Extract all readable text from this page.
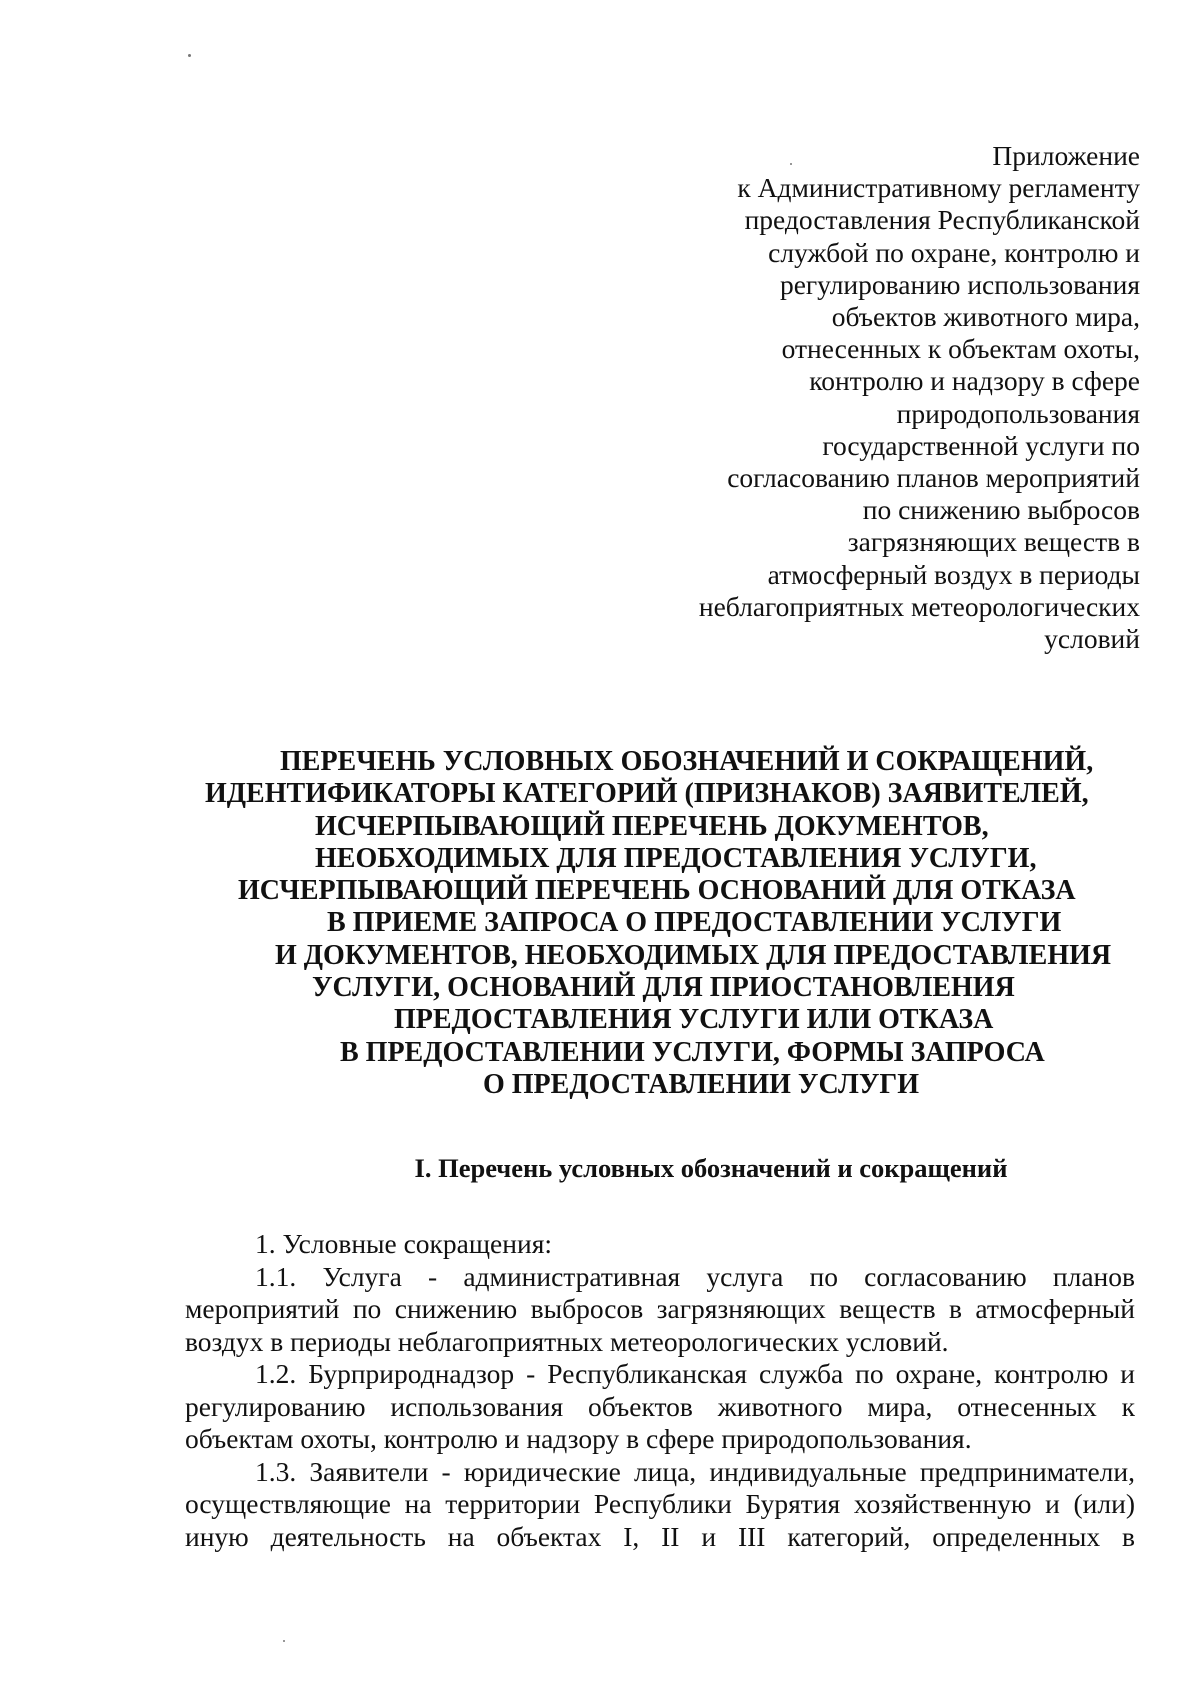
Приложение
к Административному регламенту
предоставления Республиканской
службой по охране, контролю и
регулированию использования
объектов животного мира,
отнесенных к объектам охоты,
контролю и надзору в сфере
природопользования
государственной услуги по
согласованию планов мероприятий
по снижению выбросов
загрязняющих веществ в
атмосферный воздух в периоды
неблагоприятных метеорологических
условий
ПЕРЕЧЕНЬ УСЛОВНЫХ ОБОЗНАЧЕНИЙ И СОКРАЩЕНИЙ,
ИДЕНТИФИКАТОРЫ КАТЕГОРИЙ (ПРИЗНАКОВ) ЗАЯВИТЕЛЕЙ,
ИСЧЕРПЫВАЮЩИЙ ПЕРЕЧЕНЬ ДОКУМЕНТОВ,
НЕОБХОДИМЫХ ДЛЯ ПРЕДОСТАВЛЕНИЯ УСЛУГИ,
ИСЧЕРПЫВАЮЩИЙ ПЕРЕЧЕНЬ ОСНОВАНИЙ ДЛЯ ОТКАЗА
В ПРИЕМЕ ЗАПРОСА О ПРЕДОСТАВЛЕНИИ УСЛУГИ
И ДОКУМЕНТОВ, НЕОБХОДИМЫХ ДЛЯ ПРЕДОСТАВЛЕНИЯ
УСЛУГИ, ОСНОВАНИЙ ДЛЯ ПРИОСТАНОВЛЕНИЯ
ПРЕДОСТАВЛЕНИЯ УСЛУГИ ИЛИ ОТКАЗА
В ПРЕДОСТАВЛЕНИИ УСЛУГИ, ФОРМЫ ЗАПРОСА
О ПРЕДОСТАВЛЕНИИ УСЛУГИ
I. Перечень условных обозначений и сокращений

1. Условные сокращения:

1.1. Услуга - административная услуга по согласованию планов мероприятий по снижению выбросов загрязняющих веществ в атмосферный воздух в периоды неблагоприятных метеорологических условий.

1.2. Бурприроднадзор - Республиканская служба по охране, контролю и регулированию использования объектов животного мира, отнесенных к объектам охоты, контролю и надзору в сфере природопользования.

1.3. Заявители - юридические лица, индивидуальные предприниматели, осуществляющие на территории Республики Бурятия хозяйственную и (или) иную деятельность на объектах I, II и III категорий, определенных в
